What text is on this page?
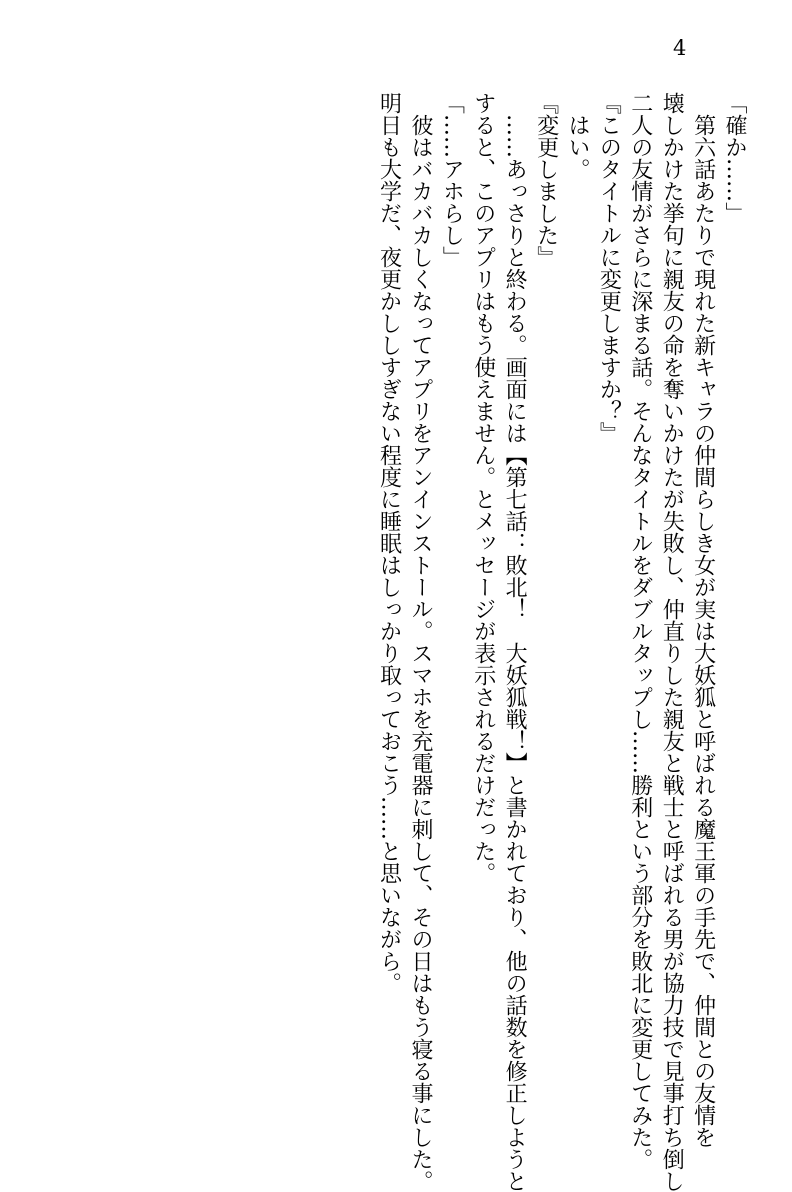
4

「確か……」

　第六話あたりで現れた新キャラの仲間らしき女が実は大妖狐と呼ばれる魔王軍の手先で、仲間との友情を

壊しかけた挙句に親友の命を奪いかけたが失敗し、仲直りした親友と戦士と呼ばれる男が協力技で見事打ち倒し

二人の友情がさらに深まる話。そんなタイトルをダブルタップし……勝利という部分を敗北に変更してみた。

『このタイトルに変更しますか？』

　はい。

『変更しました』

　……あっさりと終わる。画面には【第七話：敗北！　大妖狐戦！】と書かれており、他の話数を修正しようと

すると、このアプリはもう使えません。とメッセージが表示されるだけだった。

「……アホらし」

　彼はバカバカしくなってアプリをアンインストール。スマホを充電器に刺して、その日はもう寝る事にした。

明日も大学だ、夜更かししすぎない程度に睡眠はしっかり取っておこう……と思いながら。
